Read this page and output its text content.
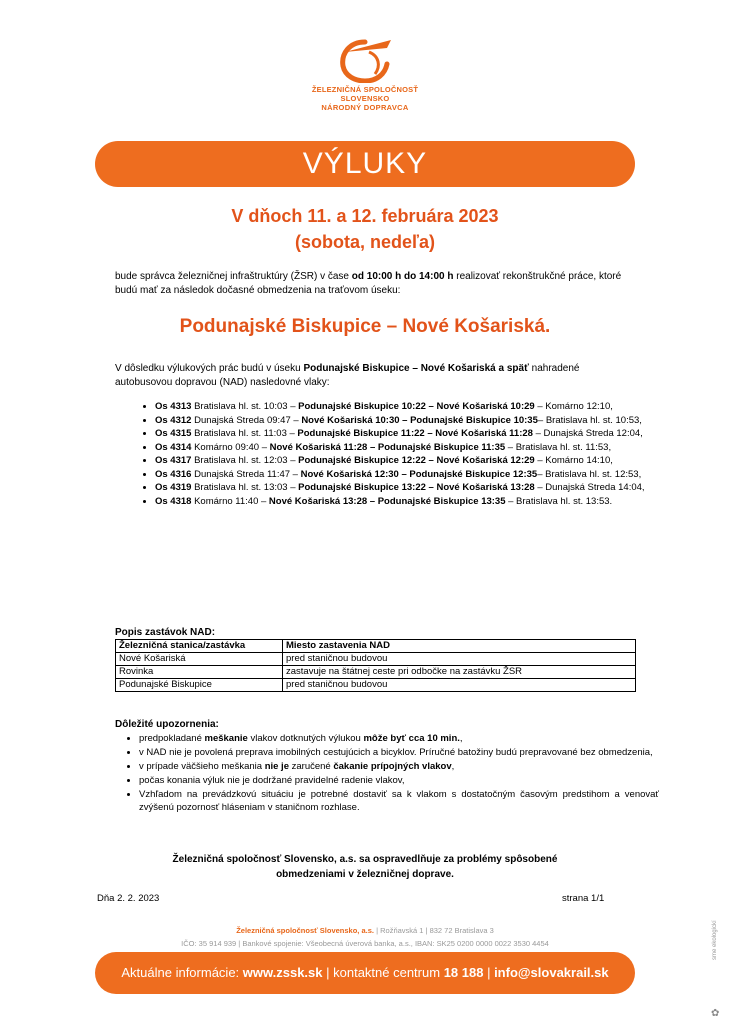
ŽELEZNIČNÁ SPOLOČNOSŤ SLOVENSKO
NÁRODNÝ DOPRAVCA
VÝLUKY
V dňoch 11. a 12. februára 2023
(sobota, nedeľa)
bude správca železničnej infraštruktúry (ŽSR) v čase od 10:00 h do 14:00 h realizovať rekonštrukčné práce, ktoré budú mať za následok dočasné obmedzenia na traťovom úseku:
Podunajské Biskupice – Nové Košariská.
V dôsledku výlukových prác budú v úseku Podunajské Biskupice – Nové Košariská a späť nahradené autobusovou dopravou (NAD) nasledovné vlaky:
• Os 4313 Bratislava hl. st. 10:03 – Podunajské Biskupice 10:22 – Nové Košariská 10:29 – Komárno 12:10,
• Os 4312 Dunajská Streda 09:47 – Nové Košariská 10:30 – Podunajské Biskupice 10:35– Bratislava hl. st. 10:53,
• Os 4315 Bratislava hl. st. 11:03 – Podunajské Biskupice 11:22 – Nové Košariská 11:28 – Dunajská Streda 12:04,
• Os 4314 Komárno 09:40 – Nové Košariská 11:28 – Podunajské Biskupice 11:35 – Bratislava hl. st. 11:53,
• Os 4317 Bratislava hl. st. 12:03 – Podunajské Biskupice 12:22 – Nové Košariská 12:29 – Komárno 14:10,
• Os 4316 Dunajská Streda 11:47 – Nové Košariská 12:30 – Podunajské Biskupice 12:35– Bratislava hl. st. 12:53,
• Os 4319 Bratislava hl. st. 13:03 – Podunajské Biskupice 13:22 – Nové Košariská 13:28 – Dunajská Streda 14:04,
• Os 4318 Komárno 11:40 – Nové Košariská 13:28 – Podunajské Biskupice 13:35 – Bratislava hl. st. 13:53.
Popis zastávok NAD:
Železničná stanica/zastávka	Miesto zastavenia NAD
Nové Košariská	pred staničnou budovou
Rovinka	zastavuje na štátnej ceste pri odbočke na zastávku ŽSR
Podunajské Biskupice	pred staničnou budovou
Dôležité upozornenia:
• predpokladané meškanie vlakov dotknutých výlukou môže byť cca 10 min.,
• v NAD nie je povolená preprava imobilných cestujúcich a bicyklov. Príručné batožiny budú prepravované bez obmedzenia,
• v prípade väčšieho meškania nie je zaručené čakanie prípojných vlakov,
• počas konania výluk nie je dodržané pravidelné radenie vlakov,
• Vzhľadom na prevádzkovú situáciu je potrebné dostaviť sa k vlakom s dostatočným časovým predstihom a venovať zvýšenú pozornosť hláseniam v staničnom rozhlase.
Železničná spoločnosť Slovensko, a.s. sa ospravedlňuje za problémy spôsobené
obmedzeniami v železničnej doprave.
Dňa 2. 2. 2023	strana 1/1
Železničná spoločnosť Slovensko, a.s. | Rožňavská 1 | 832 72 Bratislava 3
IČO: 35 914 939 | Bankové spojenie: Všeobecná úverová banka, a.s., IBAN: SK25 0200 0000 0022 3530 4454
Aktuálne informácie: www.zssk.sk | kontaktné centrum 18 188 | info@slovakrail.sk
sme ekologickí
✿
